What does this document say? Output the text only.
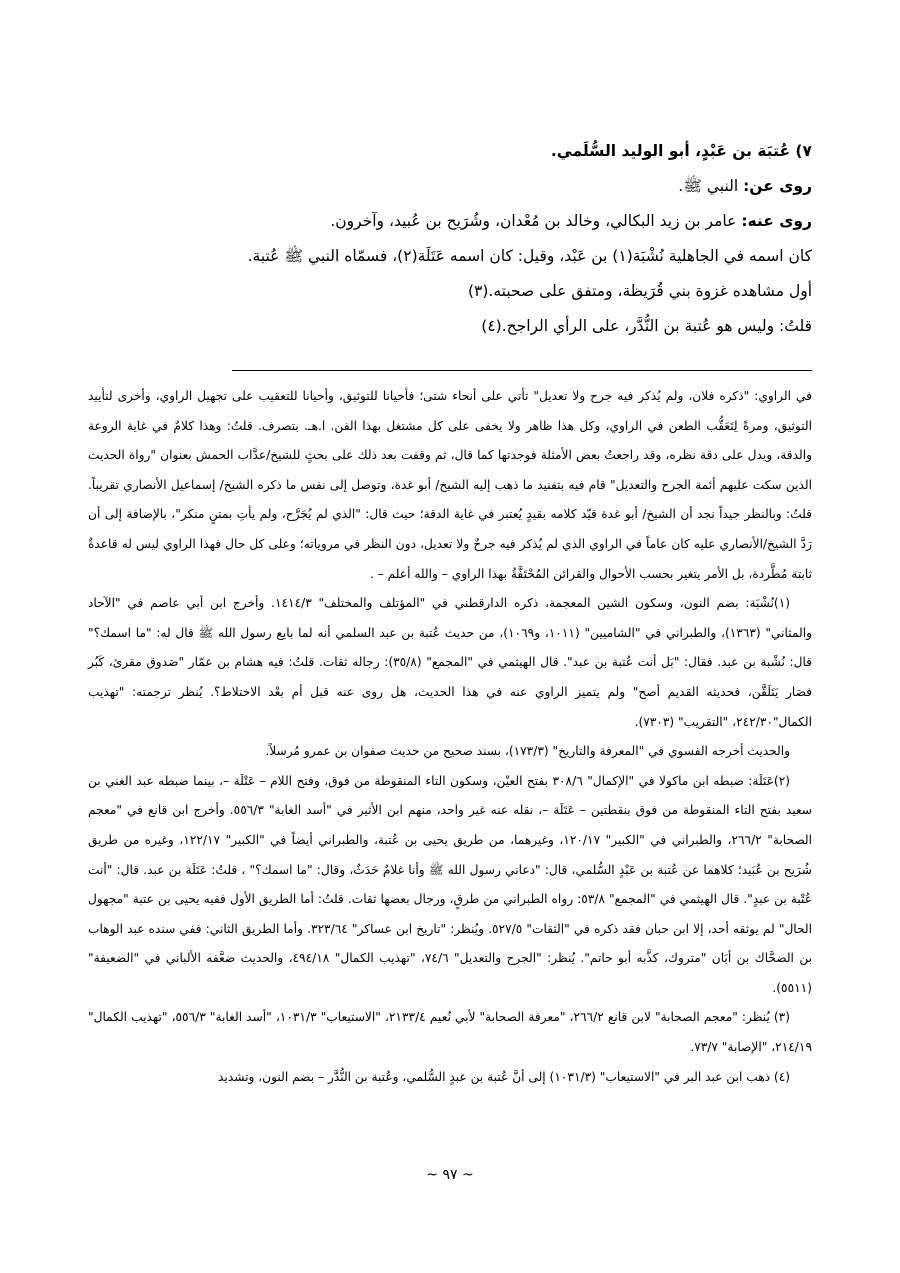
٧) عُتبَة بن عَبْدٍ، أبو الوليد السُّلَمي.
روى عن: النبي ﷺ.
روى عنه: عامر بن زيد البكالي، وخالد بن مُعْدان، وشُرَيح بن عُبيد، وآخرون.
كان اسمه في الجاهلية نُشْبَة(١) بن عَبْد، وقيل: كان اسمه عَتَلَة(٢)، فسمّاه النبي ﷺ عُتبة.
أول مشاهده غزوة بني قُرَيظة، ومتفق على صحبته.(٣)
قلتُ: وليس هو عُتبة بن النُّدَّر، على الرأي الراجح.(٤)

في الراوي: "ذكره فلان، ولم يُذكر فيه جرح ولا تعديل" تأتي على أنحاء شتى؛ فأحيانا للتوثيق، وأحيانا للتعقيب على تجهيل الراوي، وأخرى لتأييد التوثيق، ومرةً لِتَعَقُّب الطعن في الراوي، وكل هذا ظاهر ولا يخفى على كل مشتغل بهذا الفن. ا.هـ. بتصرف. قلتُ: وهذا كلامٌ في غاية الروعة والدقة، ويدل على دقة نظره، وقد راجعتُ بعض الأمثلة فوجدتها كما قال، ثم وقفت بعد ذلك على بحثٍ للشيخ/عدَّاب الحمش بعنوان "رواة الحديث الذين سكت عليهم أئمة الجرح والتعديل" قام فيه بتفنيد ما ذهب إليه الشيخ/ أبو غدة، وتوصل إلى نفس ما ذكره الشيخ/ إسماعيل الأنصاري تقريباً. قلتُ: وبالنظر جيداً نجد أن الشيخ/ أبو غدة قيّد كلامه بقيدٍ يُعتبر في غاية الدقة؛ حيث قال: "الذي لم يُجَرَّح، ولم يأتِ بمتنٍ منكر"، بالإضافة إلى أن رَدَّ الشيخ/الأنصاري عليه كان عاماً في الراوي الذي لم يُذكر فيه جرحٌ ولا تعديل، دون النظر في مروياته؛ وعلى كل حال فهذا الراوي ليس له قاعدةٌ ثابتة مُطَّردة، بل الأمر يتغير بحسب الأحوال والقرائن المُحْتَفَّةُ بهذا الراوي – والله أعلم – .

(١)نُشْبَة: بضم النون، وسكون الشين المعجمة، ذكره الدارقطني في "المؤتلف والمختلف" ١٤١٤/٣. وأخرج ابن أبي عاصم في "الآحاد والمثاني" (١٣٦٣)، والطبراني في "الشاميين" (١٠١١، و١٠٦٩)، من حديث عُتبة بن عبد السلمي أنه لما بايع رسول الله ﷺ قال له: "ما اسمك؟" قال: نُشْبة بن عبد. فقال: "بَل أنت عُتبة بن عبد". قال الهيثمي في "المجمع" (٣٥/٨): رجاله ثقات. قلتُ: فيه هشام بن عمّار "صَدوق مقرئ، كَبُر فصَار يَتَلَقَّن، فحديثه القديم أصح" ولم يتميز الراوي عنه في هذا الحديث، هل روى عنه قبل أم بعْد الاختلاط؟. يُنظر ترجمته: "تهذيب الكمال"٢٤٢/٣٠، "التقريب" (٧٣٠٣).

والحديث أخرجه الفسوي في "المعرفة والتاريخ" (١٧٣/٣)، بسند صحيح من حديث صفوان بن عمرو مُرسلاً.

(٢)عَتَلَة: ضبطه ابن ماكولا في "الإكمال" ٣٠٨/٦ بفتح العيْن، وسكون التاء المنقوطة من فوق، وفتح اللام – عَتْلَة –، بينما ضبطه عبد الغني بن سعيد بفتح التاء المنقوطة من فوق بنقطتين – عَتَلَة –، نقله عنه غير واحد، منهم ابن الأثير في "أسد الغابة" ٥٥٦/٣. وأخرج ابن قانع في "معجم الصحابة" ٢٦٦/٢، والطبراني في "الكبير" ١٢٠/١٧، وغيرهما، من طريق يحيى بن عُتبة، والطبراني أيضاً في "الكبير" ١٢٢/١٧، وغيره من طريق شُرَيح بن عُبَيد؛ كلاهما عن عُتبة بن عَبْدٍ السُّلمي، قال: "دعاني رسول الله ﷺ وأنا غلامٌ حَدَثٌ، وقال: "ما اسمك؟" ، قلتُ: عَتَلَة بن عبد. قال: "أنت عُتْبة بن عبدٍ". قال الهيثمي في "المجمع" ٥٣/٨: رواه الطبراني من طرقٍ، ورجال بعضها ثقات. قلتُ: أما الطريق الأول ففيه يحيى بن عتبة "مجهول الحال" لم يوثقه أحد، إلا ابن حبان فقد ذكره في "الثقات" ٥٢٧/٥. ويُنظر: "تاريخ ابن عساكر" ٣٢٣/٦٤. وأما الطريق الثاني: ففي سنده عبد الوهاب بن الضحَّاك بن أبَان "متروك، كذَّبه أبو حاتم". يُنظر: "الجرح والتعديل" ٧٤/٦، "تهذيب الكمال" ٤٩٤/١٨، والحديث ضعَّفه الألباني في "الضعيفة" (٥٥١١).

(٣) يُنظر: "معجم الصحابة" لابن قانع ٢٦٦/٢، "معرفة الصحابة" لأبي نُعيم ٢١٣٣/٤، "الاستيعاب" ١٠٣١/٣، "أسد الغابة" ٥٥٦/٣، "تهذيب الكمال" ٢١٤/١٩، "الإصابة" ٧٣/٧.

(٤) ذهب ابن عبد البر في "الاستيعاب" (١٠٣١/٣) إلى أنَّ عُتبة بن عبدٍ السُّلمي، وعُتبة بن النُّدَّر – بضم النون، وتشديد

~ ٩٧ ~
